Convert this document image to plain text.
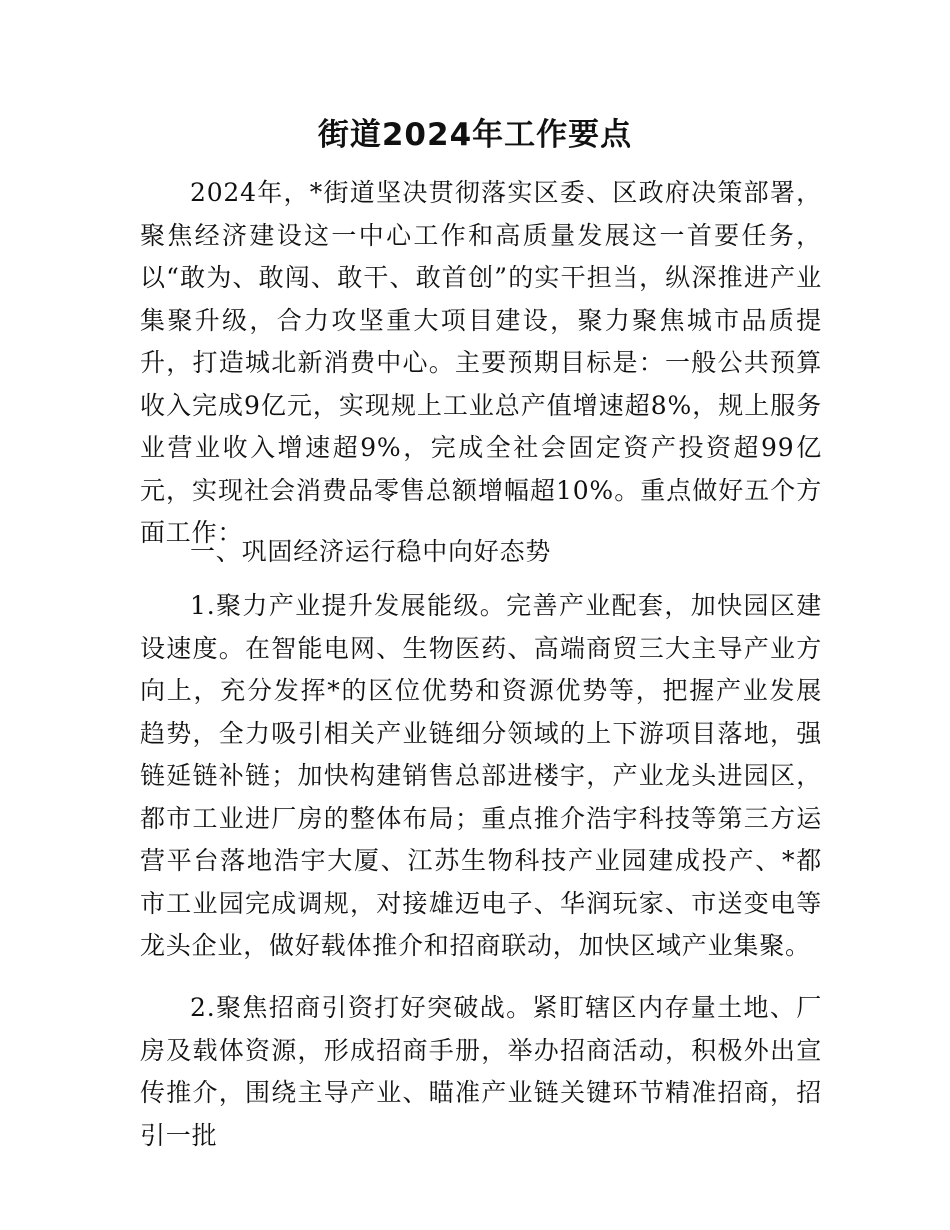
街道2024年工作要点

2024年，*街道坚决贯彻落实区委、区政府决策部署，聚焦经济建设这一中心工作和高质量发展这一首要任务，以“敢为、敢闯、敢干、敢首创”的实干担当，纵深推进产业集聚升级，合力攻坚重大项目建设，聚力聚焦城市品质提升，打造城北新消费中心。主要预期目标是：一般公共预算收入完成9亿元，实现规上工业总产值增速超8%，规上服务业营业收入增速超9%，完成全社会固定资产投资超99亿元，实现社会消费品零售总额增幅超10%。重点做好五个方面工作：

一、巩固经济运行稳中向好态势

1.聚力产业提升发展能级。完善产业配套，加快园区建设速度。在智能电网、生物医药、高端商贸三大主导产业方向上，充分发挥*的区位优势和资源优势等，把握产业发展趋势，全力吸引相关产业链细分领域的上下游项目落地，强链延链补链；加快构建销售总部进楼宇，产业龙头进园区，都市工业进厂房的整体布局；重点推介浩宇科技等第三方运营平台落地浩宇大厦、江苏生物科技产业园建成投产、*都市工业园完成调规，对接雄迈电子、华润玩家、市送变电等龙头企业，做好载体推介和招商联动，加快区域产业集聚。

2.聚焦招商引资打好突破战。紧盯辖区内存量土地、厂房及载体资源，形成招商手册，举办招商活动，积极外出宣传推介，围绕主导产业、瞄准产业链关键环节精准招商，招引一批
